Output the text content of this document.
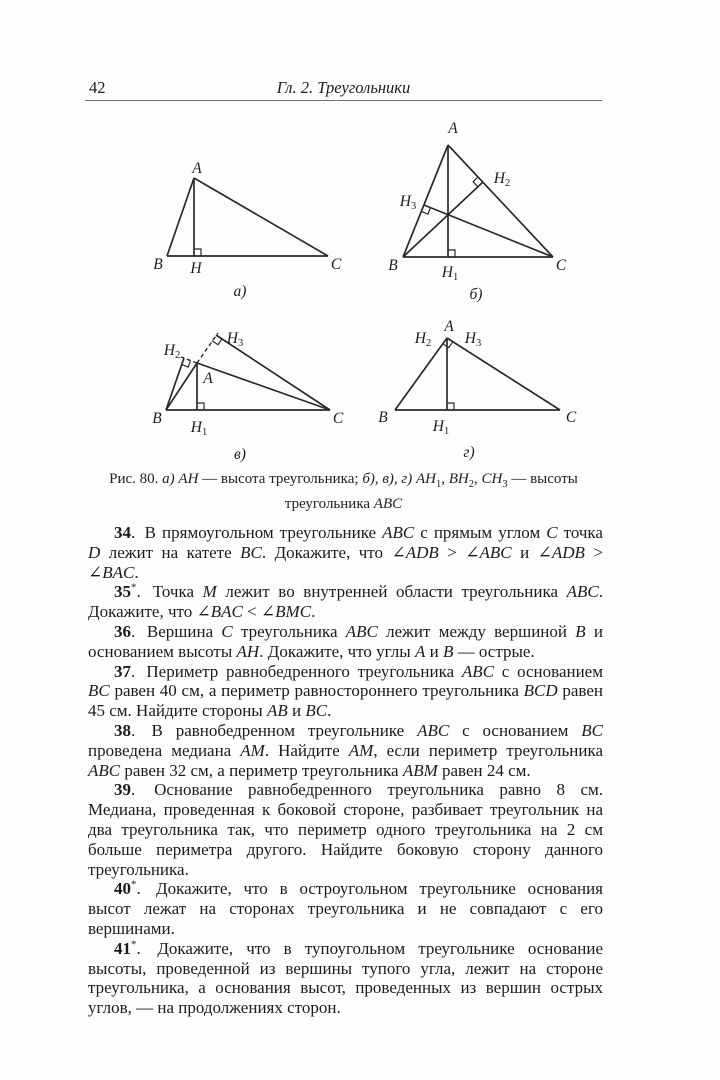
42	Гл. 2. Треугольники
A
B H	C
а)
A
H2
H3
B	H1
C
б)
H2
H3
A
B
H1
C
в)
A
H2 H3
B
H1
C
г)
Рис. 80. а) AH — высота треугольника; б), в), г) $AH_1$, $BH_2$, $CH_3$ — высоты
треугольника ABC

34.  В прямоугольном треугольнике ABC с прямым углом C точка D лежит на катете BC. Докажите, что ∠ADB > ∠ABC и ∠ADB > ∠BAC.

35*.  Точка M лежит во внутренней области треугольника ABC. Докажите, что ∠BAC < ∠BMC.

36.  Вершина C треугольника ABC лежит между вершиной B и основанием высоты AH. Докажите, что углы A и B — острые.

37.  Периметр равнобедренного треугольника ABC с основанием BC равен 40 см, а периметр равностороннего треугольника BCD равен 45 см. Найдите стороны AB и BC.

38.  В равнобедренном треугольнике ABC с основанием BC проведена медиана AM. Найдите AM, если периметр треугольника ABC равен 32 см, а периметр треугольника ABM равен 24 см.

39.  Основание равнобедренного треугольника равно 8 см. Медиана, проведенная к боковой стороне, разбивает треугольник на два треугольника так, что периметр одного треугольника на 2 см больше периметра другого. Найдите боковую сторону данного треугольника.

40*.  Докажите, что в остроугольном треугольнике основания высот лежат на сторонах треугольника и не совпадают с его вершинами.

41*.  Докажите, что в тупоугольном треугольнике основание высоты, проведенной из вершины тупого угла, лежит на стороне треугольника, а основания высот, проведенных из вершин острых углов, — на продолжениях сторон.
